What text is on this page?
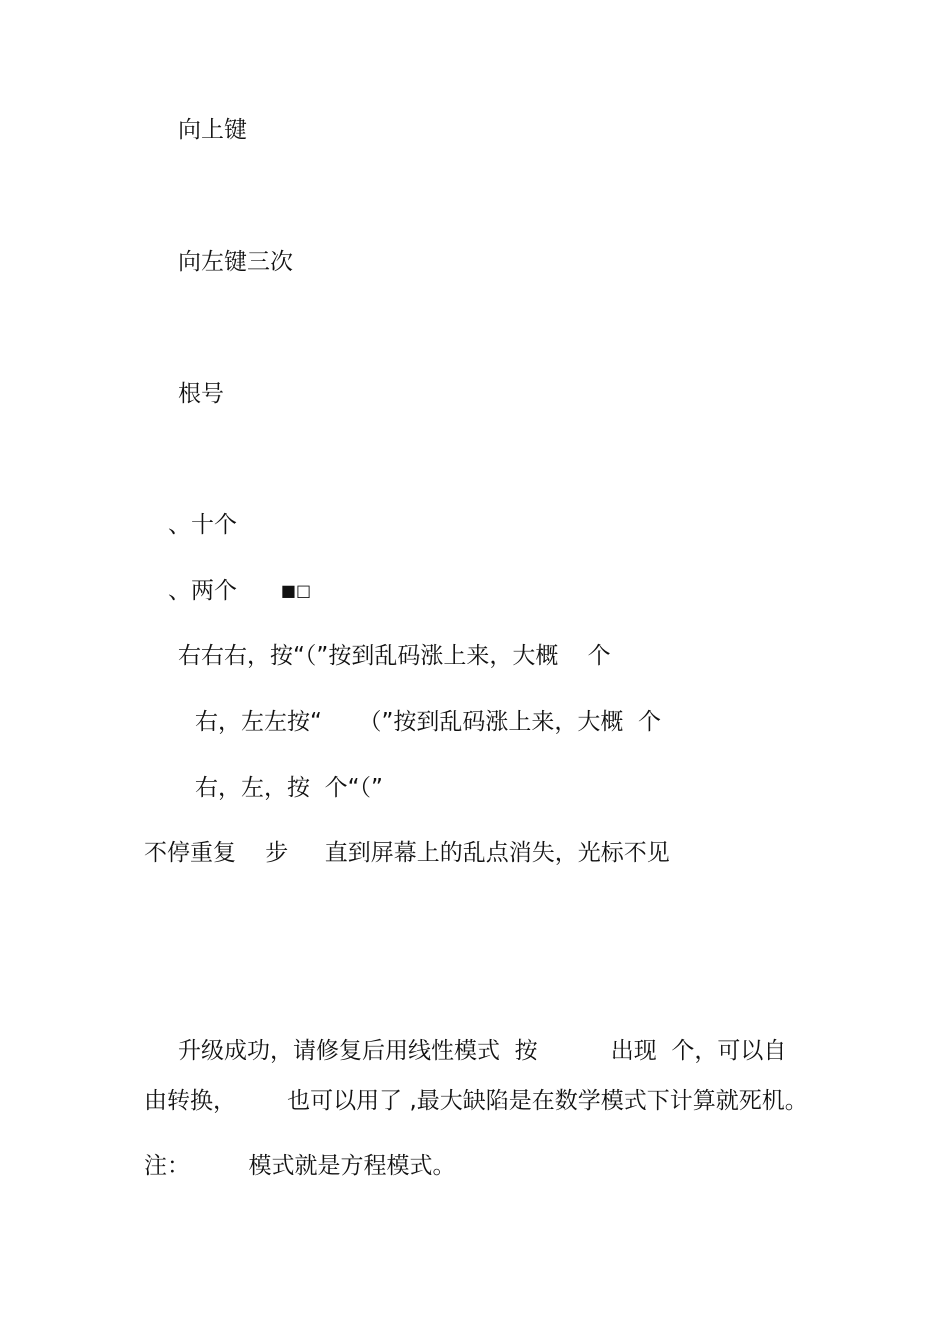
向上键

向左键三次

根号

、十个

、两个	■□

右右右，按“（”按到乱码涨上来，大概    个

右，左左按“     （”按到乱码涨上来，大概  个

右，左，按  个“（”

不停重复    步     直到屏幕上的乱点消失，光标不见

升级成功，请修复后用线性模式  按          出现  个，可以自

由转换，       也可以用了 ,最大缺陷是在数学模式下计算就死机。

注：        模式就是方程模式。
